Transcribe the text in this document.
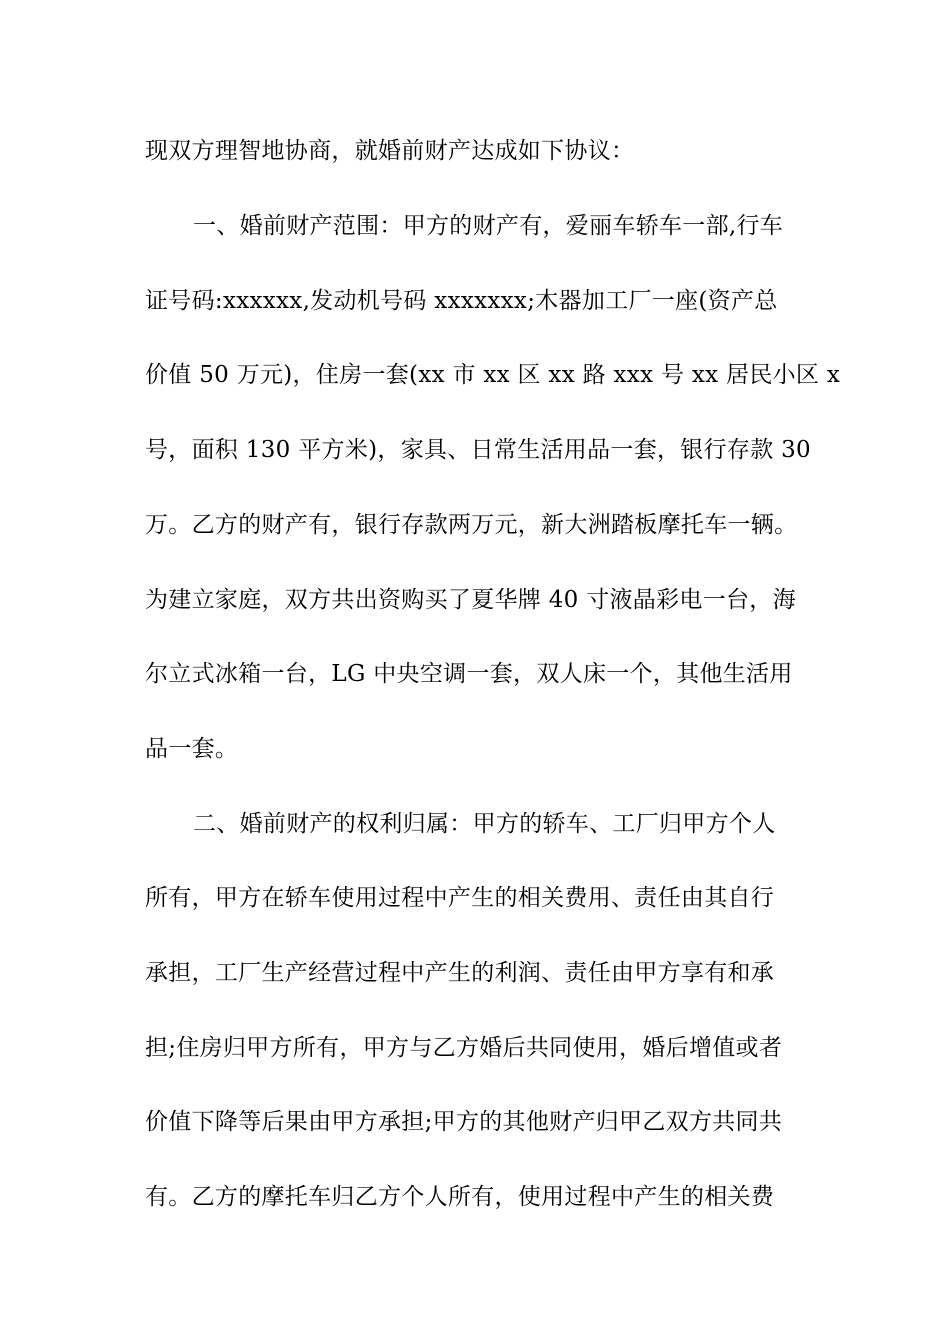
现双方理智地协商，就婚前财产达成如下协议：
一、婚前财产范围：甲方的财产有，爱丽车轿车一部,行车
证号码:xxxxxx,发动机号码 xxxxxxx;木器加工厂一座(资产总
价值 50 万元)，住房一套(xx 市 xx 区 xx 路 xxx 号 xx 居民小区 x
号，面积 130 平方米)，家具、日常生活用品一套，银行存款 30
万。乙方的财产有，银行存款两万元，新大洲踏板摩托车一辆。
为建立家庭，双方共出资购买了夏华牌 40 寸液晶彩电一台，海
尔立式冰箱一台，LG 中央空调一套，双人床一个，其他生活用
品一套。
二、婚前财产的权利归属：甲方的轿车、工厂归甲方个人
所有，甲方在轿车使用过程中产生的相关费用、责任由其自行
承担，工厂生产经营过程中产生的利润、责任由甲方享有和承
担;住房归甲方所有，甲方与乙方婚后共同使用，婚后增值或者
价值下降等后果由甲方承担;甲方的其他财产归甲乙双方共同共
有。乙方的摩托车归乙方个人所有，使用过程中产生的相关费
